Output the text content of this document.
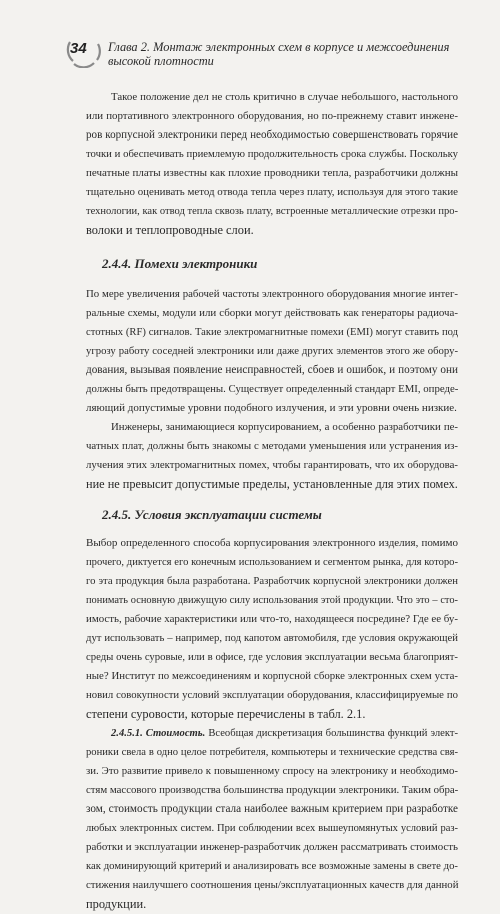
34 Глава 2. Монтаж электронных схем в корпусе и межсоединения
высокой плотности
Такое положение дел не столь критично в случае небольшого, настольного
или портативного электронного оборудования, но по-прежнему ставит инжене-
ров корпусной электроники перед необходимостью совершенствовать горячие
точки и обеспечивать приемлемую продолжительность срока службы. Поскольку
печатные платы известны как плохие проводники тепла, разработчики должны
тщательно оценивать метод отвода тепла через плату, используя для этого такие
технологии, как отвод тепла сквозь плату, встроенные металлические отрезки про-
волоки и теплопроводные слои.
2.4.4. Помехи электроники
По мере увеличения рабочей частоты электронного оборудования многие интег-
ральные схемы, модули или сборки могут действовать как генераторы радиоча-
стотных (RF) сигналов. Такие электромагнитные помехи (EMI) могут ставить под
угрозу работу соседней электроники или даже других элементов этого же обору-
дования, вызывая появление неисправностей, сбоев и ошибок, и поэтому они
должны быть предотвращены. Существует определенный стандарт EMI, опреде-
ляющий допустимые уровни подобного излучения, и эти уровни очень низкие.
Инженеры, занимающиеся корпусированием, а особенно разработчики пе-
чатных плат, должны быть знакомы с методами уменьшения или устранения из-
лучения этих электромагнитных помех, чтобы гарантировать, что их оборудова-
ние не превысит допустимые пределы, установленные для этих помех.
2.4.5. Условия эксплуатации системы
Выбор определенного способа корпусирования электронного изделия, помимо
прочего, диктуется его конечным использованием и сегментом рынка, для которо-
го эта продукция была разработана. Разработчик корпусной электроники должен
понимать основную движущую силу использования этой продукции. Что это – сто-
имость, рабочие характеристики или что-то, находящееся посредине? Где ее бу-
дут использовать – например, под капотом автомобиля, где условия окружающей
среды очень суровые, или в офисе, где условия эксплуатации весьма благоприят-
ные? Институт по межсоединениям и корпусной сборке электронных схем уста-
новил совокупности условий эксплуатации оборудования, классифицируемые по
степени суровости, которые перечислены в табл. 2.1.
2.4.5.1. Стоимость. Всеобщая дискретизация большинства функций элект-
роники свела в одно целое потребителя, компьютеры и технические средства свя-
зи. Это развитие привело к повышенному спросу на электронику и необходимо-
стям массового производства большинства продукции электроники. Таким обра-
зом, стоимость продукции стала наиболее важным критерием при разработке
любых электронных систем. При соблюдении всех вышеупомянутых условий раз-
работки и эксплуатации инженер-разработчик должен рассматривать стоимость
как доминирующий критерий и анализировать все возможные замены в свете до-
стижения наилучшего соотношения цены/эксплуатационных качеств для данной
продукции.
